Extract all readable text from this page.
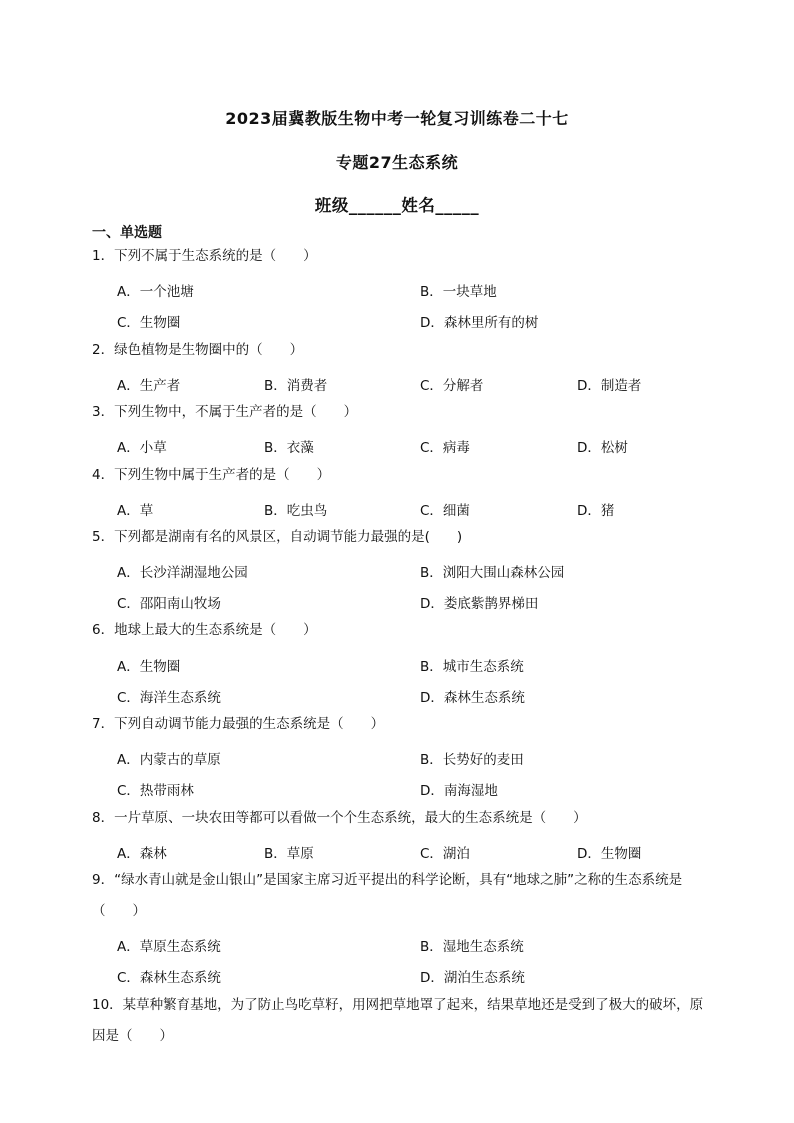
2023届冀教版生物中考一轮复习训练卷二十七
专题27生态系统
班级______姓名_____
一、单选题
1．下列不属于生态系统的是（　　）
A．一个池塘	B．一块草地
C．生物圈	D．森林里所有的树
2．绿色植物是生物圈中的（　　）
A．生产者	B．消费者	C．分解者	D．制造者
3．下列生物中，不属于生产者的是（　　）
A．小草	B．衣藻	C．病毒	D．松树
4．下列生物中属于生产者的是（　　）
A．草	B．吃虫鸟	C．细菌	D．猪
5．下列都是湖南有名的风景区，自动调节能力最强的是(　　)
A．长沙洋湖湿地公园	B．浏阳大围山森林公园
C．邵阳南山牧场	D．娄底紫鹊界梯田
6．地球上最大的生态系统是（　　）
A．生物圈	B．城市生态系统
C．海洋生态系统	D．森林生态系统
7．下列自动调节能力最强的生态系统是（　　）
A．内蒙古的草原	B．长势好的麦田
C．热带雨林	D．南海湿地
8．一片草原、一块农田等都可以看做一个个生态系统，最大的生态系统是（　　）
A．森林	B．草原	C．湖泊	D．生物圈
9．“绿水青山就是金山银山”是国家主席习近平提出的科学论断，具有“地球之肺”之称的生态系统是（　　）
A．草原生态系统	B．湿地生态系统
C．森林生态系统	D．湖泊生态系统
10．某草种繁育基地，为了防止鸟吃草籽，用网把草地罩了起来，结果草地还是受到了极大的破坏，原因是（　　）
